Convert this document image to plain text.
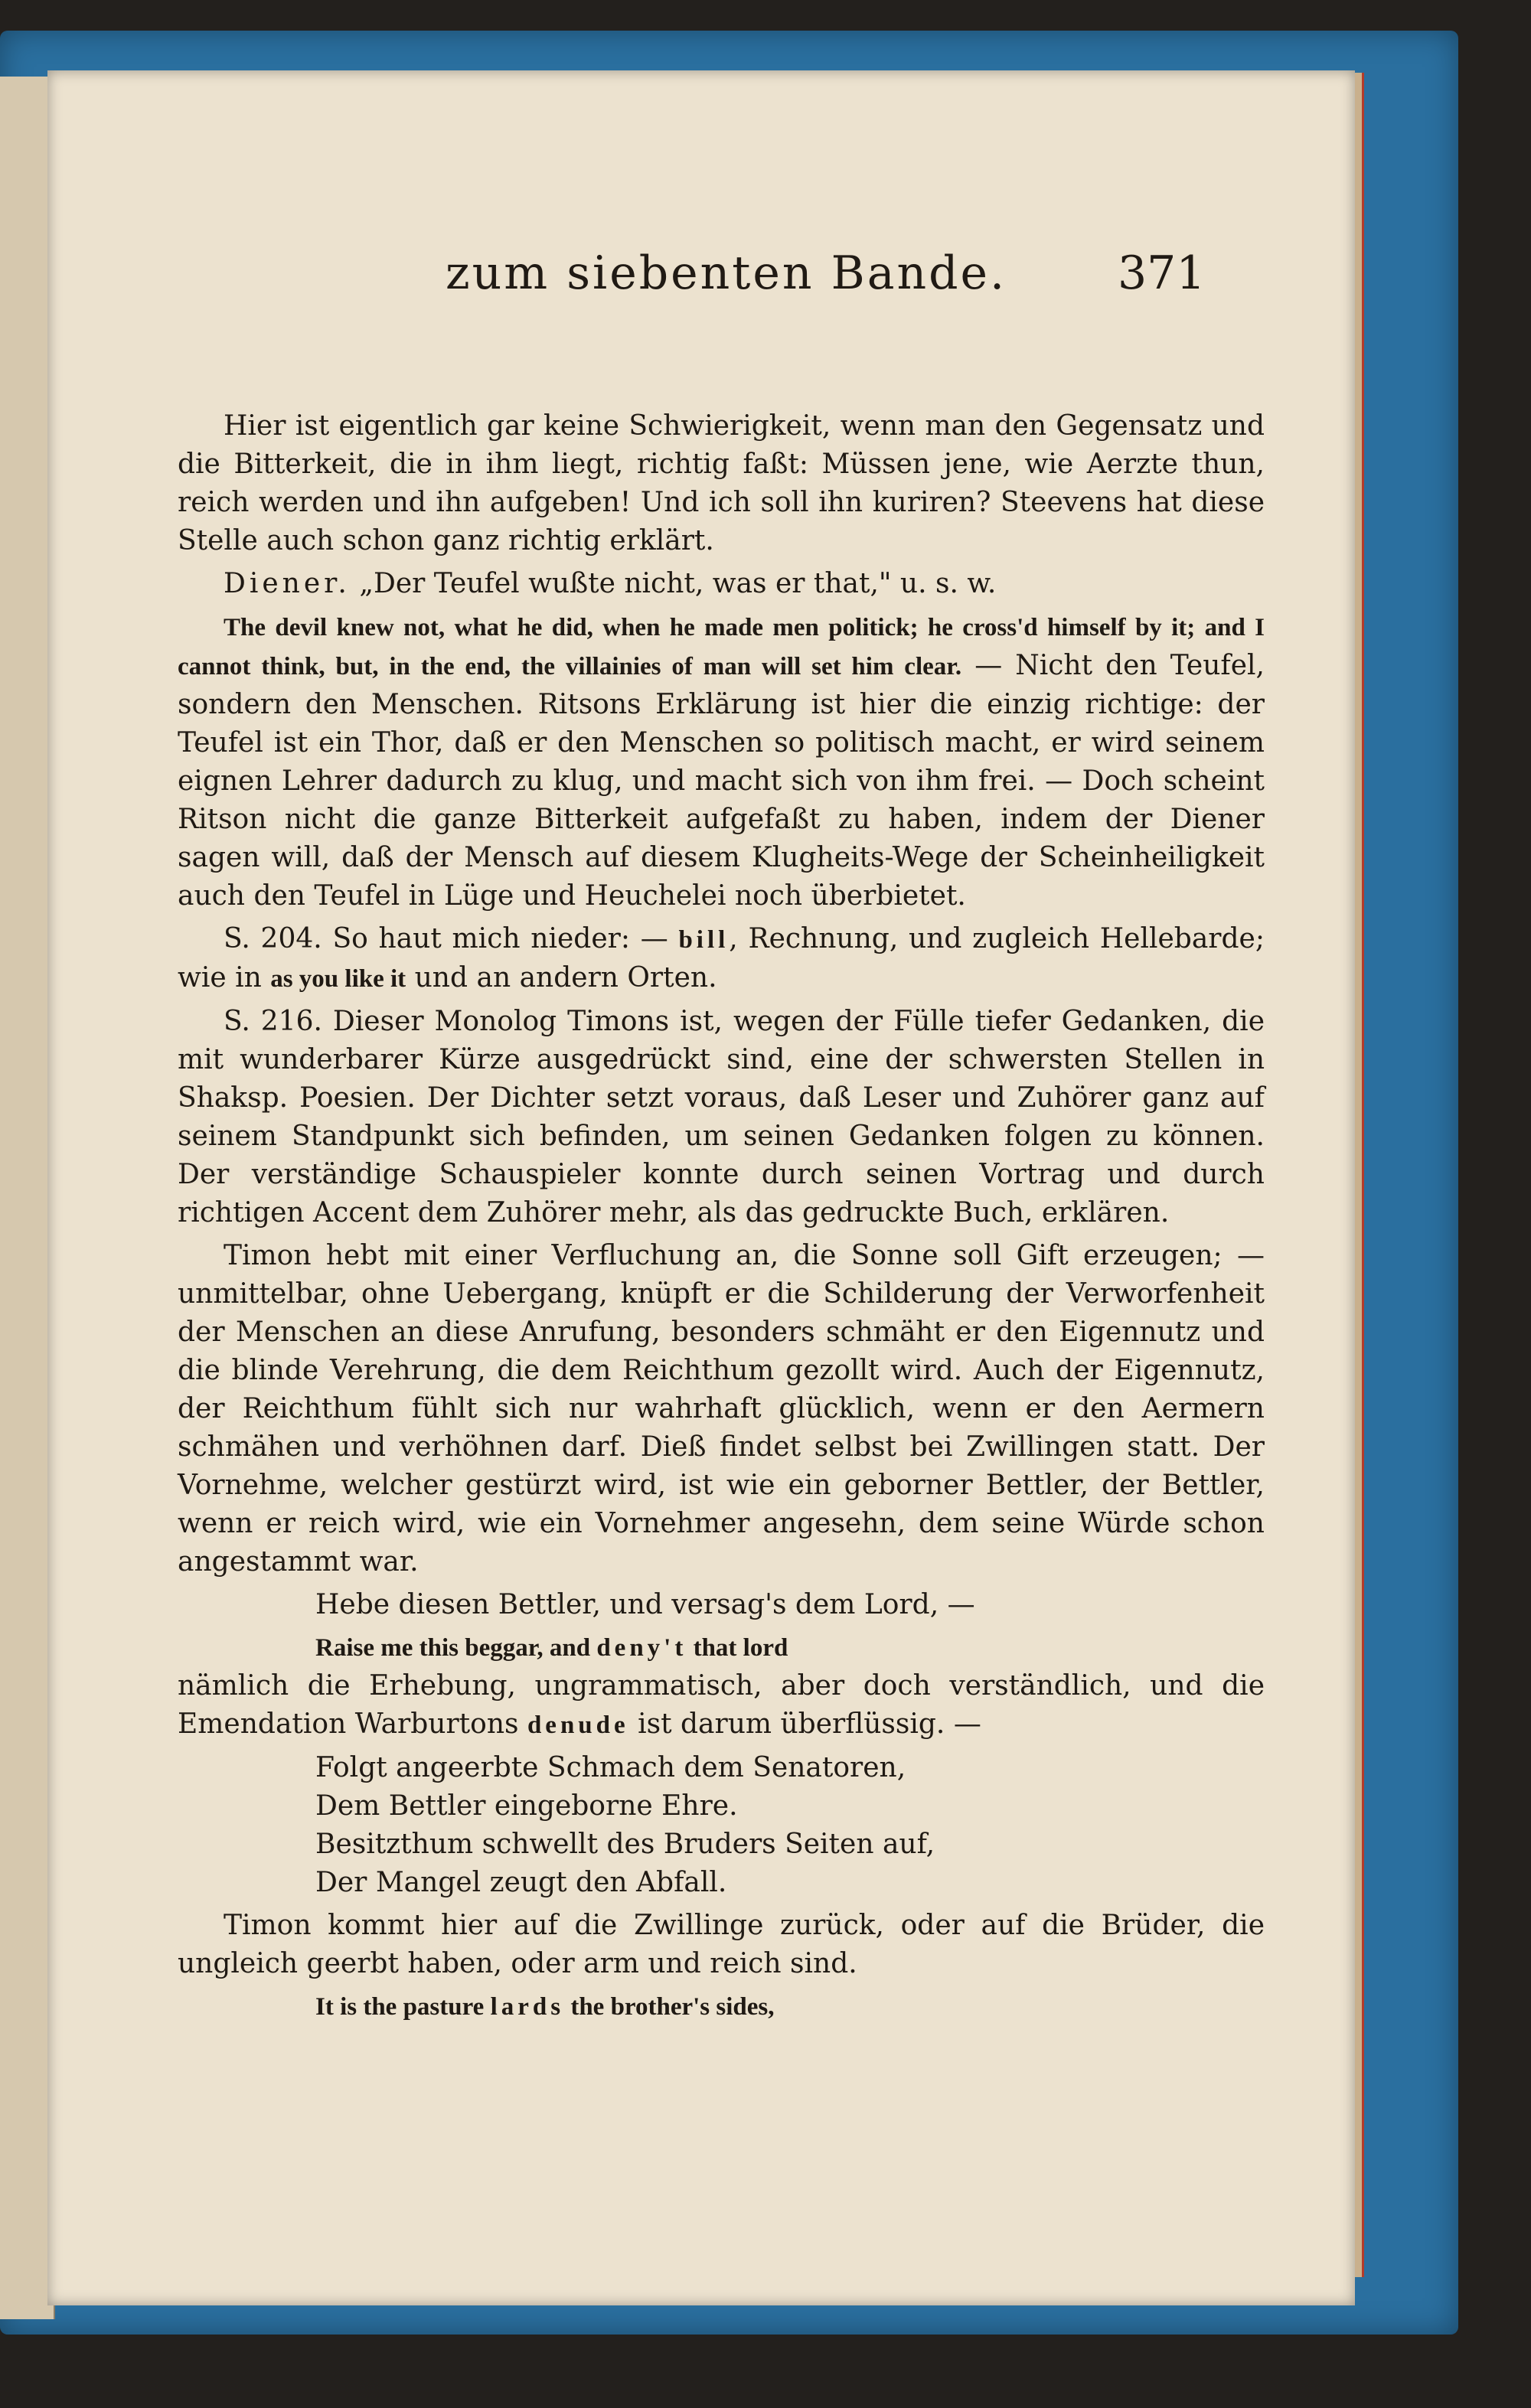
zum siebenten Bande. 371

Hier ist eigentlich gar keine Schwierigkeit, wenn man den Gegensatz und die Bitterkeit, die in ihm liegt, richtig faßt: Müssen jene, wie Aerzte thun, reich werden und ihn aufgeben! Und ich soll ihn kuriren? Steevens hat diese Stelle auch schon ganz richtig erklärt.

Diener. „Der Teufel wußte nicht, was er that," u. s. w.

The devil knew not, what he did, when he made men politick; he cross'd himself by it; and I cannot think, but, in the end, the villainies of man will set him clear. — Nicht den Teufel, sondern den Menschen. Ritsons Erklärung ist hier die einzig richtige: der Teufel ist ein Thor, daß er den Menschen so politisch macht, er wird seinem eignen Lehrer dadurch zu klug, und macht sich von ihm frei. — Doch scheint Ritson nicht die ganze Bitterkeit aufgefaßt zu haben, indem der Diener sagen will, daß der Mensch auf diesem Klugheits-Wege der Scheinheiligkeit auch den Teufel in Lüge und Heuchelei noch überbietet.

S. 204. So haut mich nieder: — bill, Rechnung, und zugleich Hellebarde; wie in as you like it und an andern Orten.

S. 216. Dieser Monolog Timons ist, wegen der Fülle tiefer Gedanken, die mit wunderbarer Kürze ausgedrückt sind, eine der schwersten Stellen in Shaksp. Poesien. Der Dichter setzt voraus, daß Leser und Zuhörer ganz auf seinem Standpunkt sich befinden, um seinen Gedanken folgen zu können. Der verständige Schauspieler konnte durch seinen Vortrag und durch richtigen Accent dem Zuhörer mehr, als das gedruckte Buch, erklären.

Timon hebt mit einer Verfluchung an, die Sonne soll Gift erzeugen; — unmittelbar, ohne Uebergang, knüpft er die Schilderung der Verworfenheit der Menschen an diese Anrufung, besonders schmäht er den Eigennutz und die blinde Verehrung, die dem Reichthum gezollt wird. Auch der Eigennutz, der Reichthum fühlt sich nur wahrhaft glücklich, wenn er den Aermern schmähen und verhöhnen darf. Dieß findet selbst bei Zwillingen statt. Der Vornehme, welcher gestürzt wird, ist wie ein geborner Bettler, der Bettler, wenn er reich wird, wie ein Vornehmer angesehn, dem seine Würde schon angestammt war.

Hebe diesen Bettler, und versag's dem Lord, —
Raise me this beggar, and deny't that lord

nämlich die Erhebung, ungrammatisch, aber doch verständlich, und die Emendation Warburtons denude ist darum überflüssig. —

Folgt angeerbte Schmach dem Senatoren,
Dem Bettler eingeborne Ehre.
Besitzthum schwellt des Bruders Seiten auf,
Der Mangel zeugt den Abfall.

Timon kommt hier auf die Zwillinge zurück, oder auf die Brüder, die ungleich geerbt haben, oder arm und reich sind.

It is the pasture lards the brother's sides,
